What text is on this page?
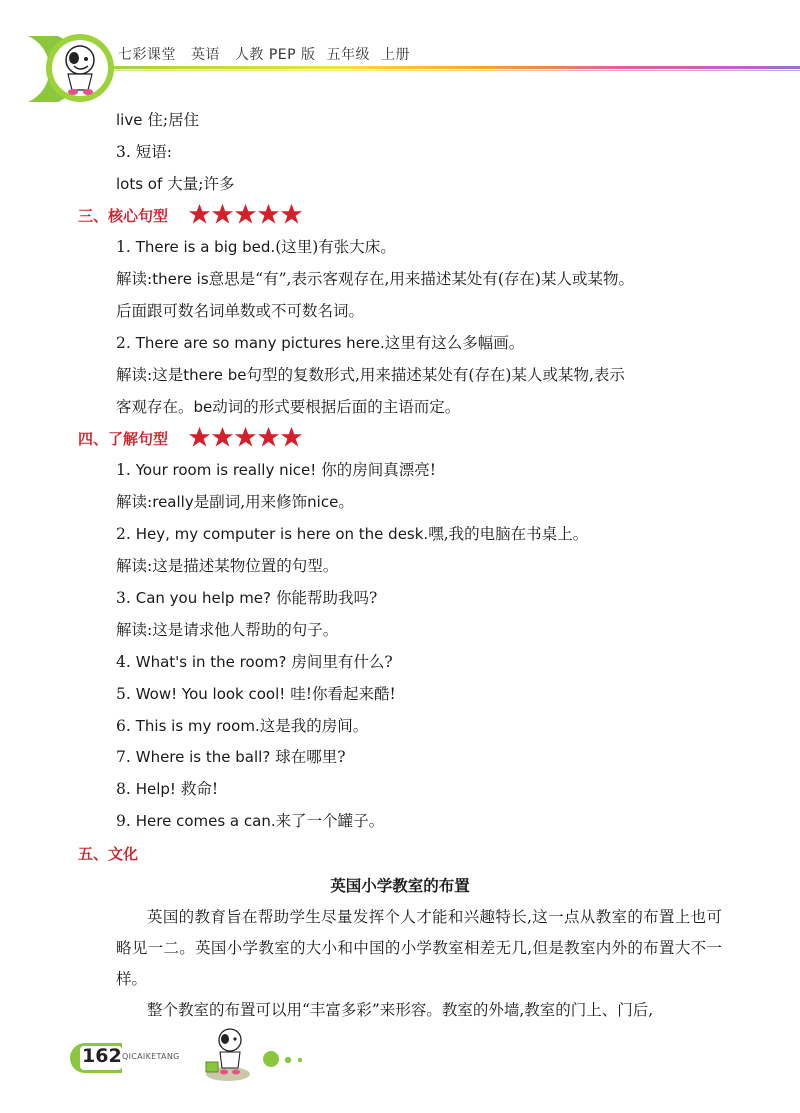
七彩课堂 英语 人教 PEP 版 五年级 上册
live 住;居住
3. 短语:
lots of 大量;许多
三、核心句型
1. There is a big bed.(这里)有张大床。
解读:there is意思是“有”,表示客观存在,用来描述某处有(存在)某人或某物。
后面跟可数名词单数或不可数名词。
2. There are so many pictures here.这里有这么多幅画。
解读:这是there be句型的复数形式,用来描述某处有(存在)某人或某物,表示
客观存在。be动词的形式要根据后面的主语而定。
四、了解句型
1. Your room is really nice! 你的房间真漂亮!
解读:really是副词,用来修饰nice。
2. Hey, my computer is here on the desk.嘿,我的电脑在书桌上。
解读:这是描述某物位置的句型。
3. Can you help me? 你能帮助我吗?
解读:这是请求他人帮助的句子。
4. What's in the room? 房间里有什么?
5. Wow! You look cool! 哇!你看起来酷!
6. This is my room.这是我的房间。
7. Where is the ball? 球在哪里?
8. Help! 救命!
9. Here comes a can.来了一个罐子。
五、文化
英国小学教室的布置
英国的教育旨在帮助学生尽量发挥个人才能和兴趣特长,这一点从教室的布置上也可略见一二。英国小学教室的大小和中国的小学教室相差无几,但是教室内外的布置大不一样。
整个教室的布置可以用“丰富多彩”来形容。教室的外墙,教室的门上、门后,
162 QICAIKETANG
